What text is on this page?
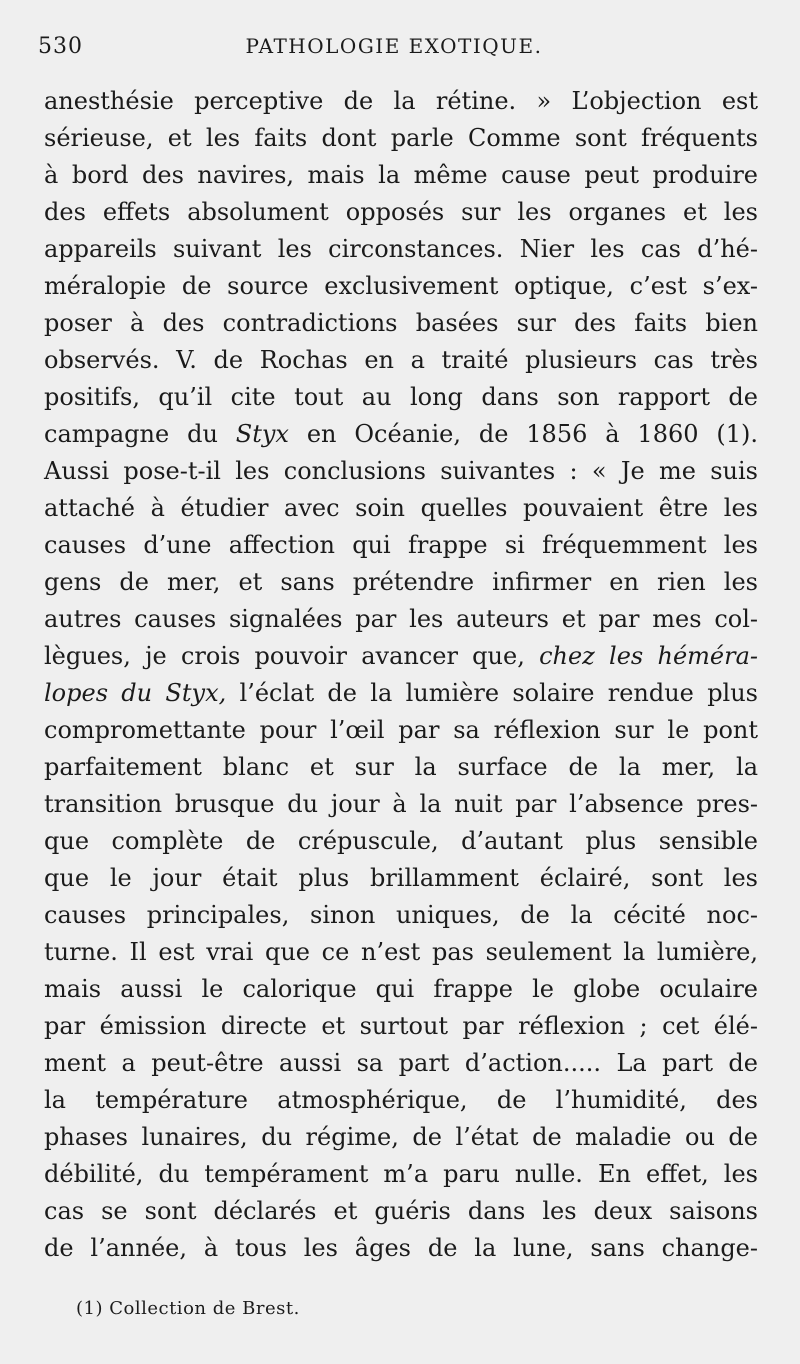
530	PATHOLOGIE EXOTIQUE.
anesthésie perceptive de la rétine. » L’objection est
sérieuse, et les faits dont parle Comme sont fréquents
à bord des navires, mais la même cause peut produire
des effets absolument opposés sur les organes et les
appareils suivant les circonstances. Nier les cas d’hé-
méralopie de source exclusivement optique, c’est s’ex-
poser à des contradictions basées sur des faits bien
observés. V. de Rochas en a traité plusieurs cas très
positifs, qu’il cite tout au long dans son rapport de
campagne du Styx en Océanie, de 1856 à 1860 (1).
Aussi pose-t-il les conclusions suivantes : « Je me suis
attaché à étudier avec soin quelles pouvaient être les
causes d’une affection qui frappe si fréquemment les
gens de mer, et sans prétendre infirmer en rien les
autres causes signalées par les auteurs et par mes col-
lègues, je crois pouvoir avancer que, chez les héméra-
lopes du Styx, l’éclat de la lumière solaire rendue plus
compromettante pour l’œil par sa réflexion sur le pont
parfaitement blanc et sur la surface de la mer, la
transition brusque du jour à la nuit par l’absence pres-
que complète de crépuscule, d’autant plus sensible
que le jour était plus brillamment éclairé, sont les
causes principales, sinon uniques, de la cécité noc-
turne. Il est vrai que ce n’est pas seulement la lumière,
mais aussi le calorique qui frappe le globe oculaire
par émission directe et surtout par réflexion ; cet élé-
ment a peut-être aussi sa part d’action..... La part de
la température atmosphérique, de l’humidité, des
phases lunaires, du régime, de l’état de maladie ou de
débilité, du tempérament m’a paru nulle. En effet, les
cas se sont déclarés et guéris dans les deux saisons
de l’année, à tous les âges de la lune, sans change-
(1) Collection de Brest.
